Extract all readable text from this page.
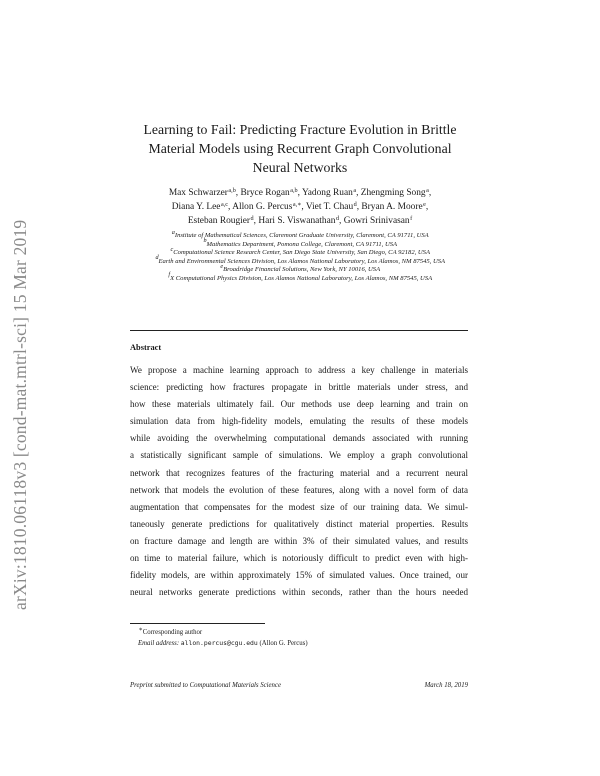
arXiv:1810.06118v3 [cond-mat.mtrl-sci] 15 Mar 2019
Learning to Fail: Predicting Fracture Evolution in Brittle
Material Models using Recurrent Graph Convolutional
Neural Networks
Max Schwarzer$^{a,b}$, Bryce Rogan$^{a,b}$, Yadong Ruan$^a$, Zhengming Song$^a$,
Diana Y. Lee$^{a,c}$, Allon G. Percus$^{a,∗}$, Viet T. Chau$^d$, Bryan A. Moore$^e$,
Esteban Rougier$^d$, Hari S. Viswanathan$^d$, Gowri Srinivasan$^f$
$^a$Institute of Mathematical Sciences, Claremont Graduate University, Claremont, CA 91711, USA
$^b$Mathematics Department, Pomona College, Claremont, CA 91711, USA
$^c$Computational Science Research Center, San Diego State University, San Diego, CA 92182, USA
$^d$Earth and Environmental Sciences Division, Los Alamos National Laboratory, Los Alamos, NM 87545, USA
$^e$Broadridge Financial Solutions, New York, NY 10016, USA
$^f$X Computational Physics Division, Los Alamos National Laboratory, Los Alamos, NM 87545, USA
Abstract
We propose a machine learning approach to address a key challenge in materials
science: predicting how fractures propagate in brittle materials under stress, and
how these materials ultimately fail. Our methods use deep learning and train on
simulation data from high-fidelity models, emulating the results of these models
while avoiding the overwhelming computational demands associated with running
a statistically significant sample of simulations. We employ a graph convolutional
network that recognizes features of the fracturing material and a recurrent neural
network that models the evolution of these features, along with a novel form of data
augmentation that compensates for the modest size of our training data. We simul-
taneously generate predictions for qualitatively distinct material properties. Results
on fracture damage and length are within 3% of their simulated values, and results
on time to material failure, which is notoriously difficult to predict even with high-
fidelity models, are within approximately 15% of simulated values. Once trained, our
neural networks generate predictions within seconds, rather than the hours needed
∗Corresponding author
Email address: allon.percus@cgu.edu (Allon G. Percus)
Preprint submitted to Computational Materials Science	March 18, 2019
